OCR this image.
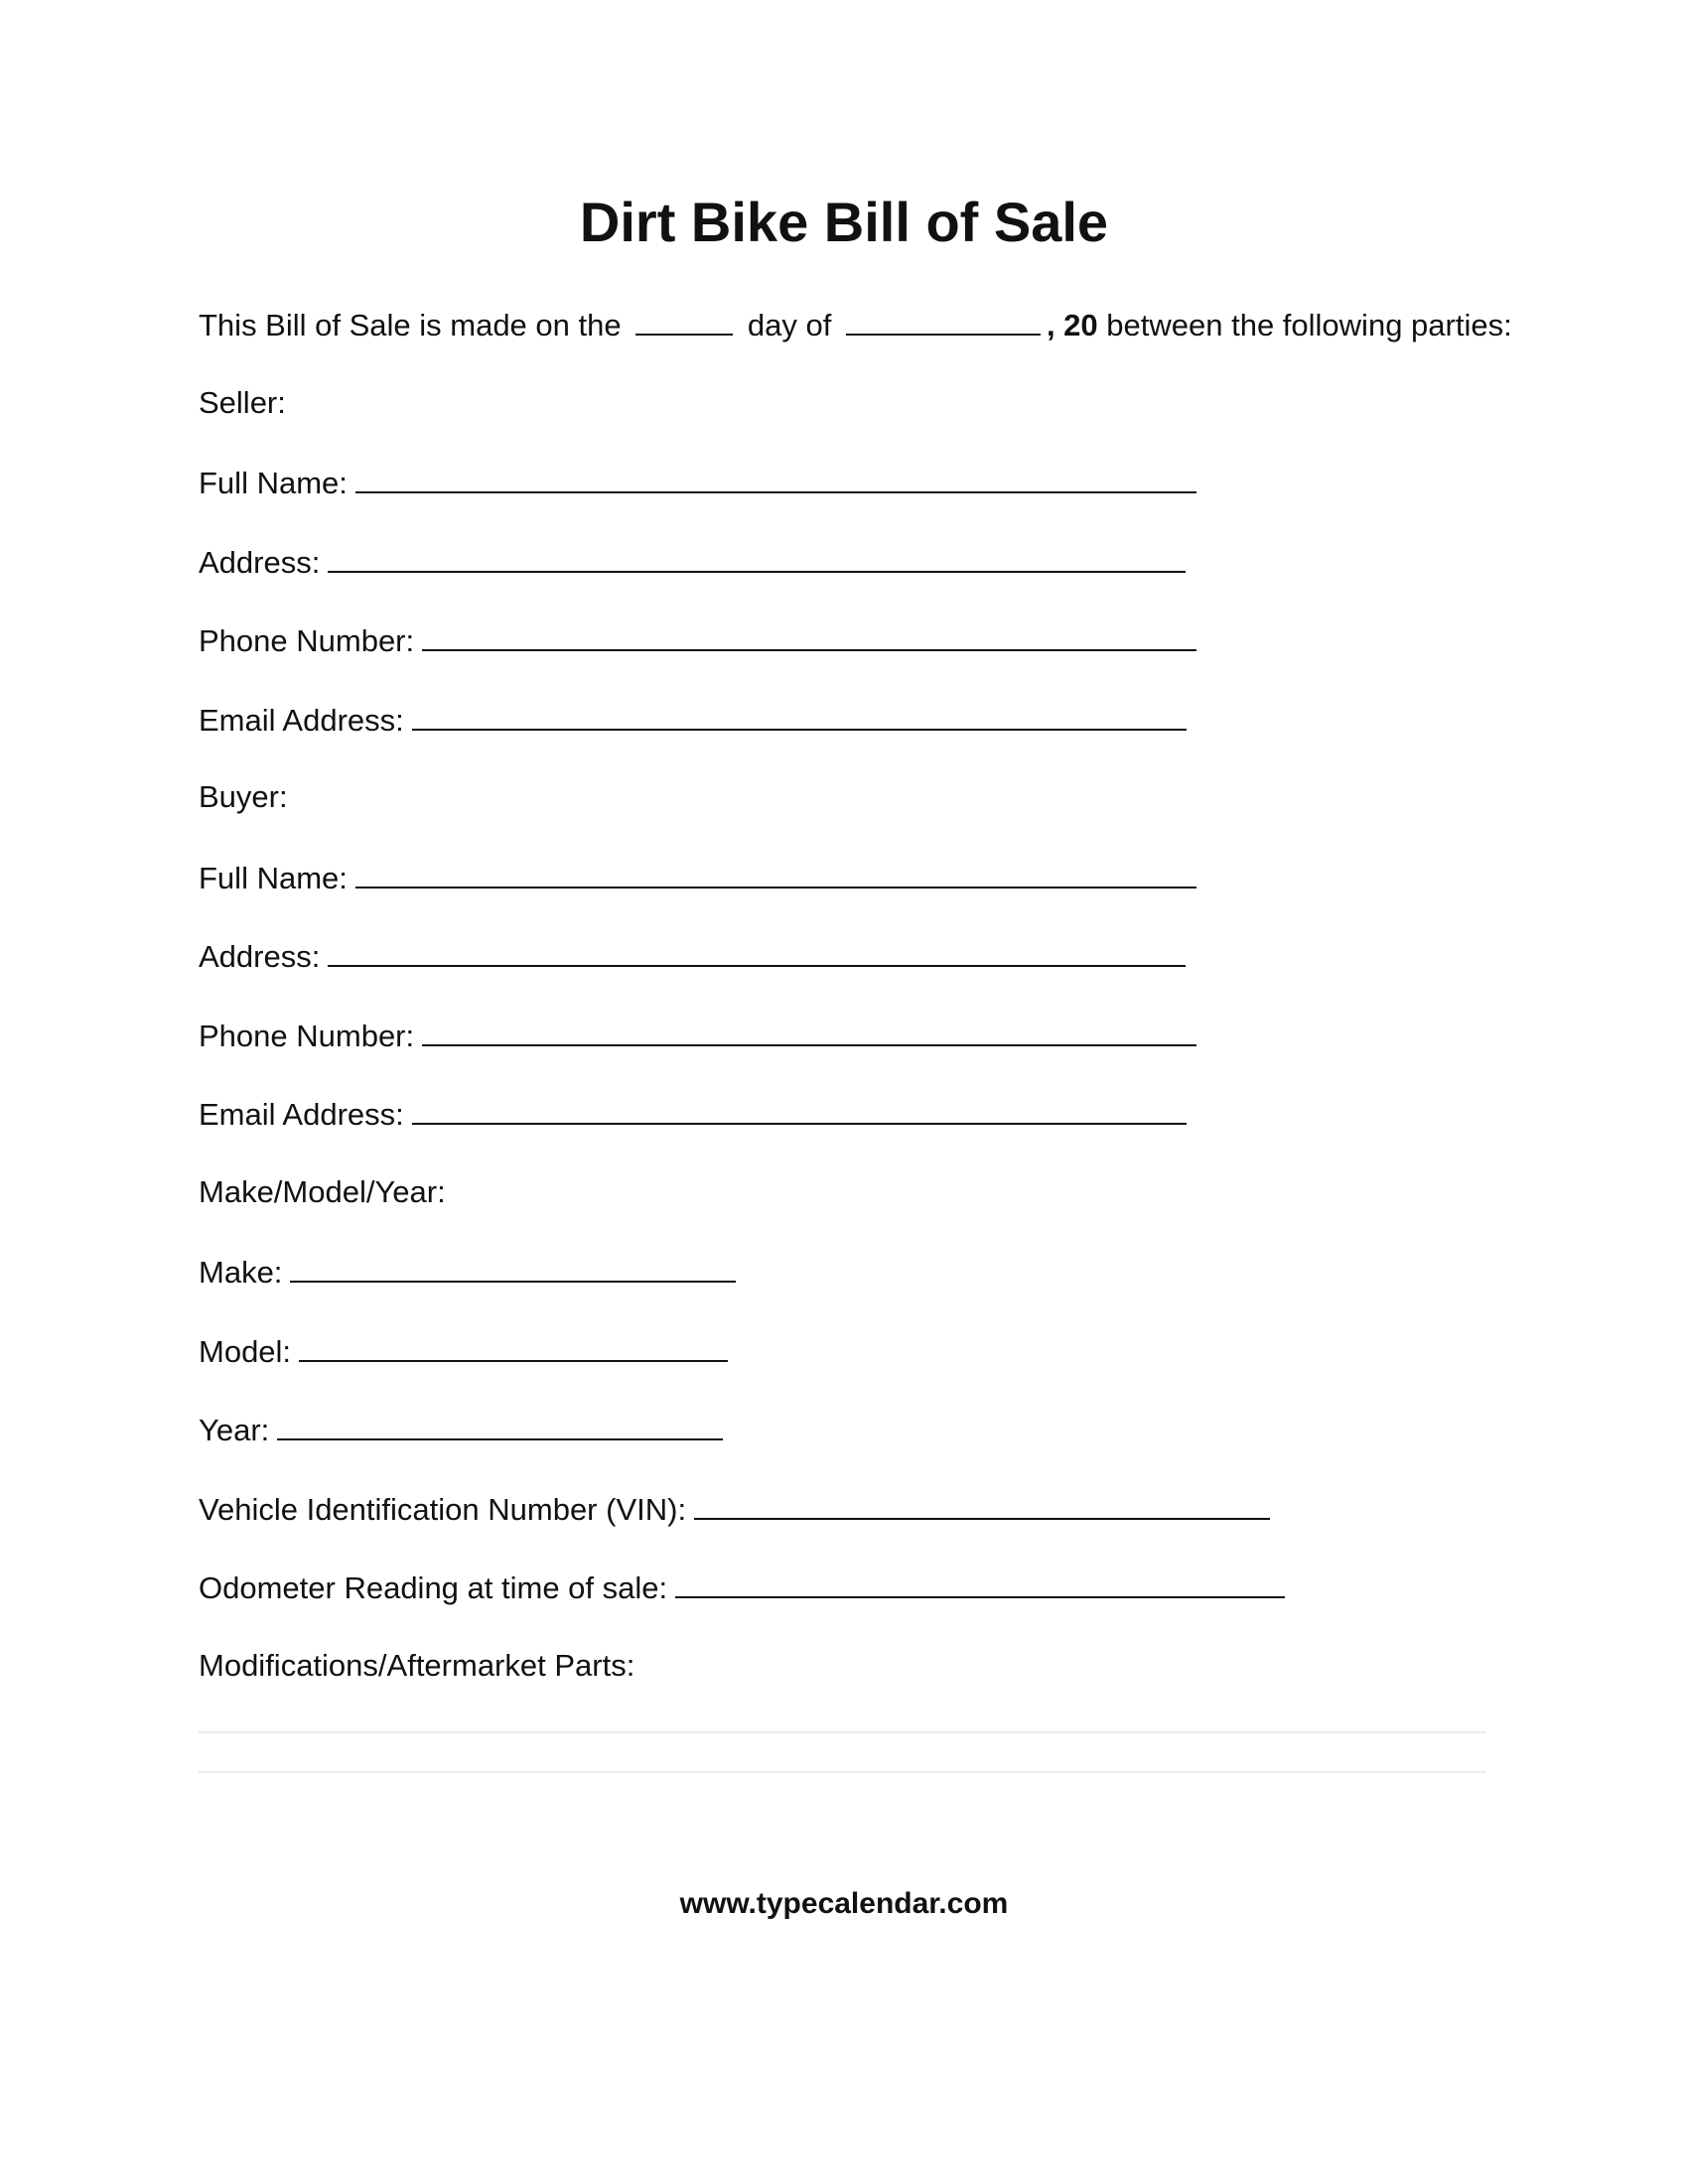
Dirt Bike Bill of Sale
This Bill of Sale is made on the	day of	, 20 between the following parties:
Seller:
Full Name:
Address:
Phone Number:
Email Address:
Buyer:
Full Name:
Address:
Phone Number:
Email Address:
Make/Model/Year:
Make:
Model:
Year:
Vehicle Identification Number (VIN):
Odometer Reading at time of sale:
Modifications/Aftermarket Parts:
www.typecalendar.com
